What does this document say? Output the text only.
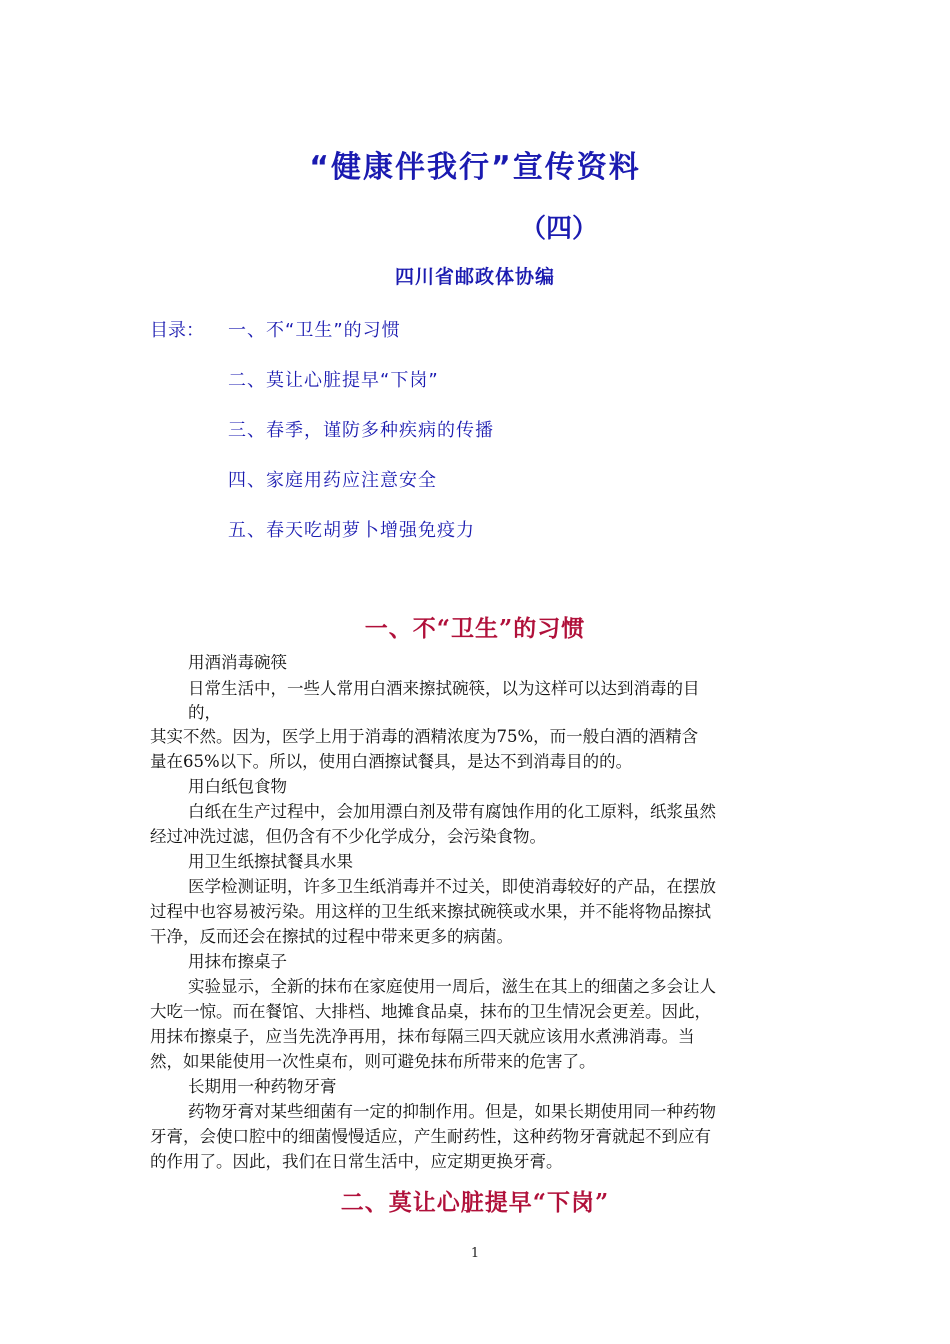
“健康伴我行”宣传资料
（四）
四川省邮政体协编
目录： 一、不“卫生”的习惯
二、莫让心脏提早“下岗”
三、春季，谨防多种疾病的传播
四、家庭用药应注意安全
五、春天吃胡萝卜增强免疫力
一、不“卫生”的习惯
用酒消毒碗筷
日常生活中，一些人常用白酒来擦拭碗筷，以为这样可以达到消毒的目
的，
其实不然。因为，医学上用于消毒的酒精浓度为75%，而一般白酒的酒精含
量在65%以下。所以，使用白酒擦试餐具，是达不到消毒目的的。
用白纸包食物
白纸在生产过程中，会加用漂白剂及带有腐蚀作用的化工原料，纸浆虽然
经过冲洗过滤，但仍含有不少化学成分，会污染食物。
用卫生纸擦拭餐具水果
医学检测证明，许多卫生纸消毒并不过关，即使消毒较好的产品，在摆放
过程中也容易被污染。用这样的卫生纸来擦拭碗筷或水果，并不能将物品擦拭
干净，反而还会在擦拭的过程中带来更多的病菌。
用抹布擦桌子
实验显示，全新的抹布在家庭使用一周后，滋生在其上的细菌之多会让人
大吃一惊。而在餐馆、大排档、地摊食品桌，抹布的卫生情况会更差。因此，
用抹布擦桌子，应当先洗净再用，抹布每隔三四天就应该用水煮沸消毒。当
然，如果能使用一次性桌布，则可避免抹布所带来的危害了。
长期用一种药物牙膏
药物牙膏对某些细菌有一定的抑制作用。但是，如果长期使用同一种药物
牙膏，会使口腔中的细菌慢慢适应，产生耐药性，这种药物牙膏就起不到应有
的作用了。因此，我们在日常生活中，应定期更换牙膏。
二、莫让心脏提早“下岗”
1
